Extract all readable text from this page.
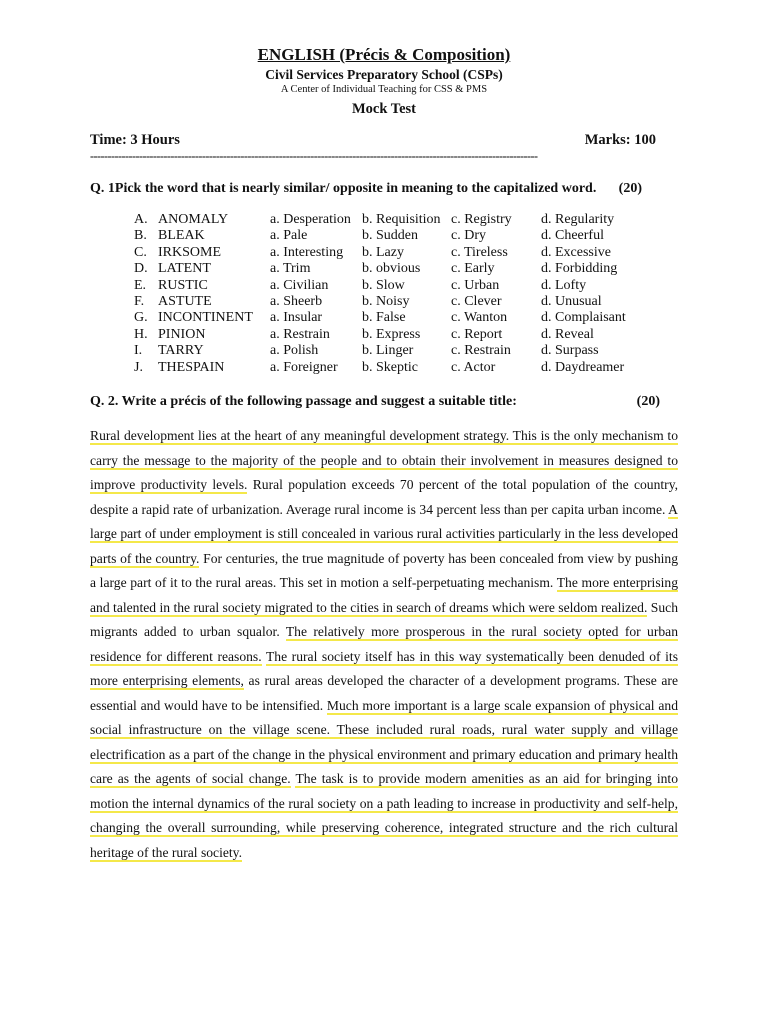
ENGLISH (Précis & Composition)
Civil Services Preparatory School (CSPs)
A Center of Individual Teaching for CSS & PMS
Mock Test
Time: 3 Hours	Marks: 100
--------------------------------------------------------------------------------------------------------------------------------
Q. 1Pick the word that is nearly similar/ opposite in meaning to the capitalized word. (20)
A. ANOMALY	a. Desperation b. Requisition c. Registry d. Regularity
B. BLEAK	a. Pale	b. Sudden c. Dry	d. Cheerful
C. IRKSOME	a. Interesting b. Lazy	c. Tireless d. Excessive
D. LATENT	a. Trim	b. obvious c. Early	d. Forbidding
E. RUSTIC	a. Civilian b. Slow	c. Urban	d. Lofty
F. ASTUTE	a. Sheerb	b. Noisy	c. Clever	d. Unusual
G. INCONTINENT a. Insular	b. False	c. Wanton d. Complaisant
H. PINION	a. Restrain b. Express c. Report	d. Reveal
I. TARRY	a. Polish	b. Linger	c. Restrain d. Surpass
J. THESPAIN	a. Foreigner b. Skeptic c. Actor	d. Daydreamer
Q. 2. Write a précis of the following passage and suggest a suitable title:	(20)
Rural development lies at the heart of any meaningful development strategy. This is the only mechanism to carry the message to the majority of the people and to obtain their involvement in measures designed to improve productivity levels. Rural population exceeds 70 percent of the total population of the country, despite a rapid rate of urbanization. Average rural income is 34 percent less than per capita urban income. A large part of under employment is still concealed in various rural activities particularly in the less developed parts of the country. For centuries, the true magnitude of poverty has been concealed from view by pushing a large part of it to the rural areas. This set in motion a self-perpetuating mechanism. The more enterprising and talented in the rural society migrated to the cities in search of dreams which were seldom realized. Such migrants added to urban squalor. The relatively more prosperous in the rural society opted for urban residence for different reasons. The rural society itself has in this way systematically been denuded of its more enterprising elements, as rural areas developed the character of a development programs. These are essential and would have to be intensified. Much more important is a large scale expansion of physical and social infrastructure on the village scene. These included rural roads, rural water supply and village electrification as a part of the change in the physical environment and primary education and primary health care as the agents of social change. The task is to provide modern amenities as an aid for bringing into motion the internal dynamics of the rural society on a path leading to increase in productivity and self-help, changing the overall surrounding, while preserving coherence, integrated structure and the rich cultural heritage of the rural society.
